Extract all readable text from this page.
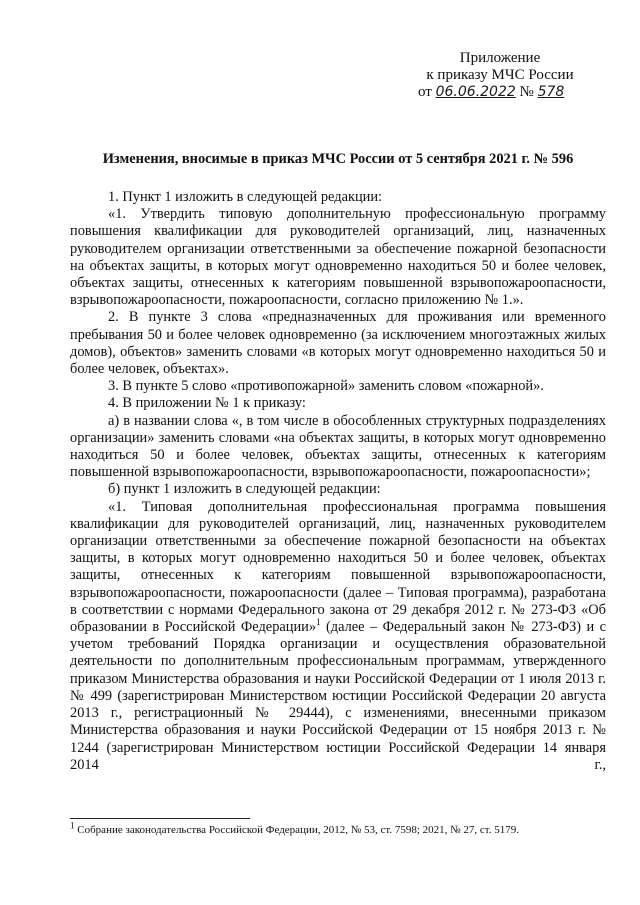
Приложение
к приказу МЧС России
от 06.06.2022 № 578
Изменения, вносимые в приказ МЧС России от 5 сентября 2021 г. № 596

1. Пункт 1 изложить в следующей редакции:

«1. Утвердить типовую дополнительную профессиональную программу повышения квалификации для руководителей организаций, лиц, назначенных руководителем организации ответственными за обеспечение пожарной безопасности на объектах защиты, в которых могут одновременно находиться 50 и более человек, объектах защиты, отнесенных к категориям повышенной взрывопожароопасности, взрывопожароопасности, пожароопасности, согласно приложению № 1.».

2. В пункте 3 слова «предназначенных для проживания или временного пребывания 50 и более человек одновременно (за исключением многоэтажных жилых домов), объектов» заменить словами «в которых могут одновременно находиться 50 и более человек, объектах».

3. В пункте 5 слово «противопожарной» заменить словом «пожарной».

4. В приложении № 1 к приказу:

а) в названии слова «, в том числе в обособленных структурных подразделениях организации» заменить словами «на объектах защиты, в которых могут одновременно находиться 50 и более человек, объектах защиты, отнесенных к категориям повышенной взрывопожароопасности, взрывопожароопасности, пожароопасности»;

б) пункт 1 изложить в следующей редакции:

«1. Типовая дополнительная профессиональная программа повышения квалификации для руководителей организаций, лиц, назначенных руководителем организации ответственными за обеспечение пожарной безопасности на объектах защиты, в которых могут одновременно находиться 50 и более человек, объектах защиты, отнесенных к категориям повышенной взрывопожароопасности, взрывопожароопасности, пожароопасности (далее – Типовая программа), разработана в соответствии с нормами Федерального закона от 29 декабря 2012 г. № 273-ФЗ «Об образовании в Российской Федерации»$^1$ (далее – Федеральный закон № 273-ФЗ) и с учетом требований Порядка организации и осуществления образовательной деятельности по дополнительным профессиональным программам, утвержденного приказом Министерства образования и науки Российской Федерации от 1 июля 2013 г. № 499 (зарегистрирован Министерством юстиции Российской Федерации 20 августа 2013 г., регистрационный № 29444), с изменениями, внесенными приказом Министерства образования и науки Российской Федерации от 15 ноября 2013 г. № 1244 (зарегистрирован Министерством юстиции Российской Федерации 14 января 2014 г.,

$^1$ Собрание законодательства Российской Федерации, 2012, № 53, ст. 7598; 2021, № 27, ст. 5179.
